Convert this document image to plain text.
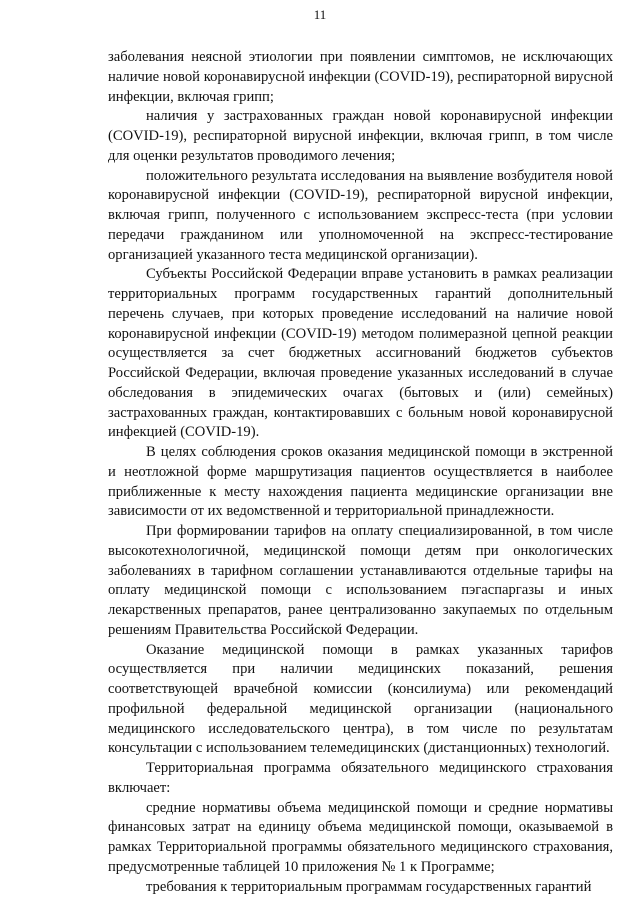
11

заболевания неясной этиологии при появлении симптомов, не исключающих наличие новой коронавирусной инфекции (COVID-19), респираторной вирусной инфекции, включая грипп;

наличия у застрахованных граждан новой коронавирусной инфекции (COVID-19), респираторной вирусной инфекции, включая грипп, в том числе для оценки результатов проводимого лечения;

положительного результата исследования на выявление возбудителя новой коронавирусной инфекции (COVID-19), респираторной вирусной инфекции, включая грипп, полученного с использованием экспресс-теста (при условии передачи гражданином или уполномоченной на экспресс-тестирование организацией указанного теста медицинской организации).

Субъекты Российской Федерации вправе установить в рамках реализации территориальных программ государственных гарантий дополнительный перечень случаев, при которых проведение исследований на наличие новой коронавирусной инфекции (COVID-19) методом полимеразной цепной реакции осуществляется за счет бюджетных ассигнований бюджетов субъектов Российской Федерации, включая проведение указанных исследований в случае обследования в эпидемических очагах (бытовых и (или) семейных) застрахованных граждан, контактировавших с больным новой коронавирусной инфекцией (COVID-19).

В целях соблюдения сроков оказания медицинской помощи в экстренной и неотложной форме маршрутизация пациентов осуществляется в наиболее приближенные к месту нахождения пациента медицинские организации вне зависимости от их ведомственной и территориальной принадлежности.

При формировании тарифов на оплату специализированной, в том числе высокотехнологичной, медицинской помощи детям при онкологических заболеваниях в тарифном соглашении устанавливаются отдельные тарифы на оплату медицинской помощи с использованием пэгаспаргазы и иных лекарственных препаратов, ранее централизованно закупаемых по отдельным решениям Правительства Российской Федерации.

Оказание медицинской помощи в рамках указанных тарифов осуществляется при наличии медицинских показаний, решения соответствующей врачебной комиссии (консилиума) или рекомендаций профильной федеральной медицинской организации (национального медицинского исследовательского центра), в том числе по результатам консультации с использованием телемедицинских (дистанционных) технологий.

Территориальная программа обязательного медицинского страхования включает:

средние нормативы объема медицинской помощи и средние нормативы финансовых затрат на единицу объема медицинской помощи, оказываемой в рамках Территориальной программы обязательного медицинского страхования, предусмотренные таблицей 10 приложения № 1 к Программе;

требования к территориальным программам государственных гарантий
